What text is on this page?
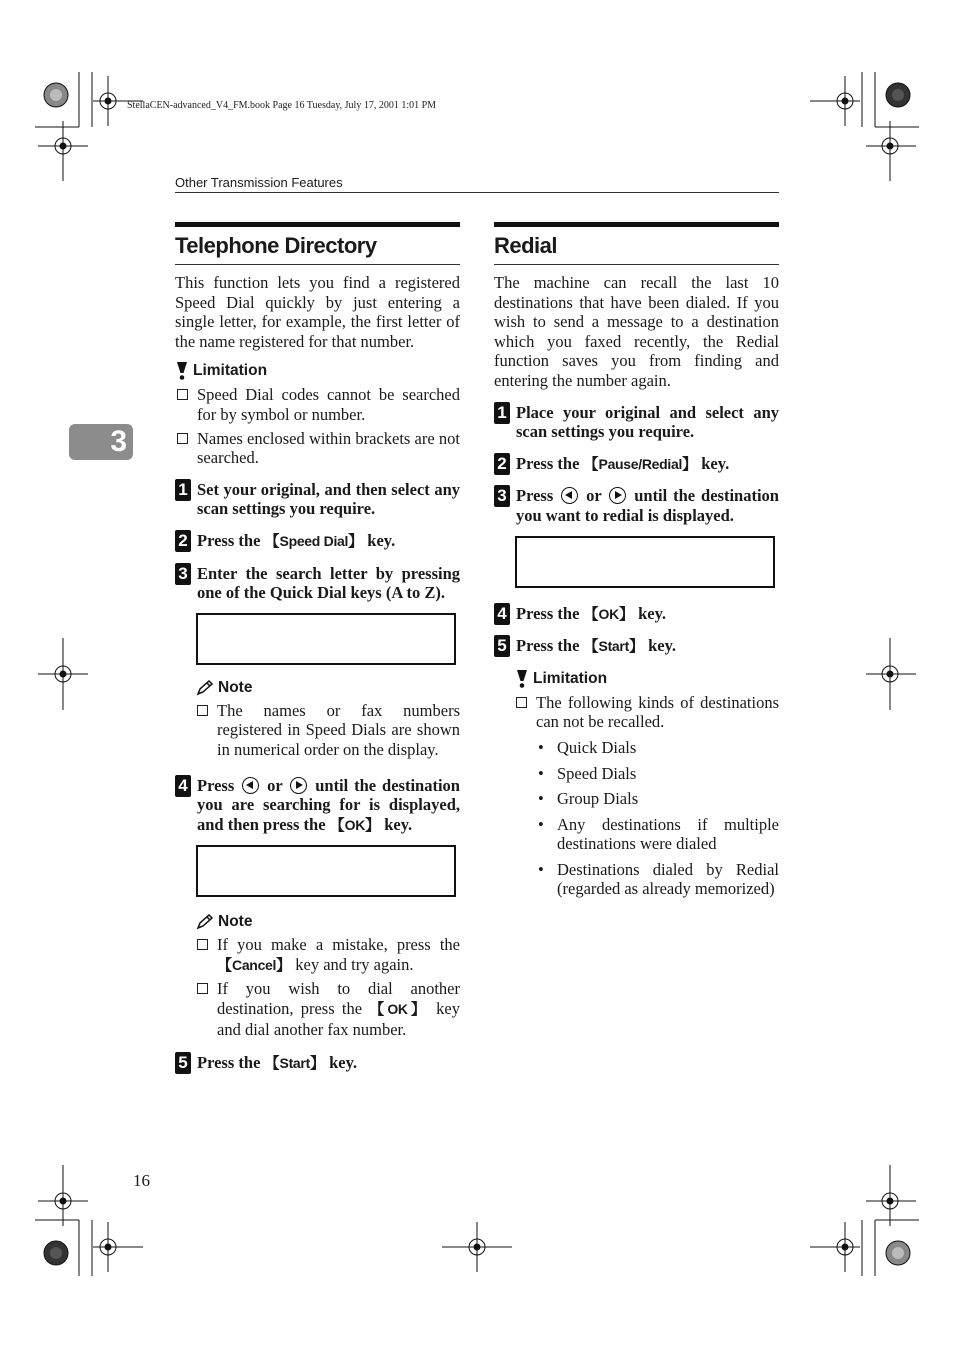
StellaCEN-advanced_V4_FM.book Page 16 Tuesday, July 17, 2001 1:01 PM
Other Transmission Features
3
Telephone Directory

This function lets you find a registered Speed Dial quickly by just entering a single letter, for example, the first letter of the name registered for that number.

Limitation
Speed Dial codes cannot be searched for by symbol or number.
Names enclosed within brackets are not searched.
1 Set your original, and then select any scan settings you require.
2 Press the 【Speed Dial】 key.
3 Enter the search letter by pressing one of the Quick Dial keys (A to Z).

Note
The names or fax numbers registered in Speed Dials are shown in numerical order on the display.
4 Press  or  until the destination you are searching for is displayed, and then press the 【OK】 key.

Note
If you make a mistake, press the 【Cancel】 key and try again.
If you wish to dial another destination, press the 【OK】 key and dial another fax number.
5 Press the 【Start】 key.
Redial

The machine can recall the last 10 destinations that have been dialed. If you wish to send a message to a destination which you faxed recently, the Redial function saves you from finding and entering the number again.

1 Place your original and select any scan settings you require.
2 Press the 【Pause/Redial】 key.
3 Press  or  until the destination you want to redial is displayed.

4 Press the 【OK】 key.
5 Press the 【Start】 key.
Limitation
The following kinds of destinations can not be recalled.
• Quick Dials
• Speed Dials
• Group Dials
• Any destinations if multiple destinations were dialed
• Destinations dialed by Redial (regarded as already memorized)
16
